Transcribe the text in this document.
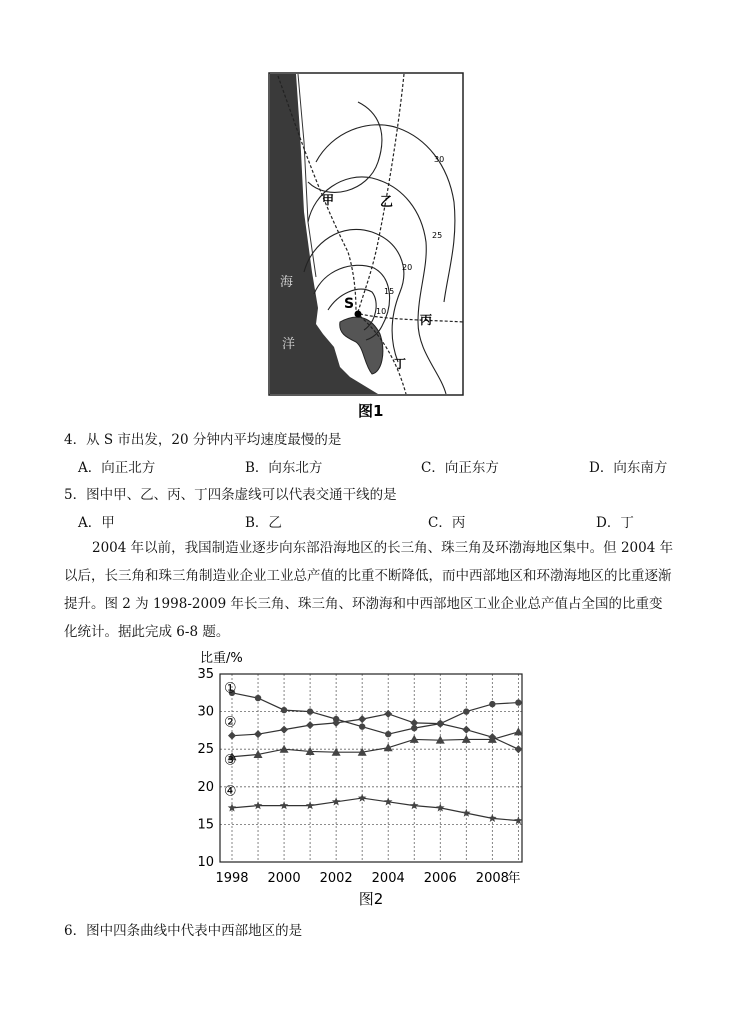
S
甲	乙
丙
丁
海
洋
10
15
20
25
30
图1
4．从 S 市出发，20 分钟内平均速度最慢的是
A．向正北方	B．向东北方	C．向正东方	D．向东南方
5．图中甲、乙、丙、丁四条虚线可以代表交通干线的是
A．甲	B．乙	C．丙	D．丁

2004 年以前，我国制造业逐步向东部沿海地区的长三角、珠三角及环渤海地区集中。但 2004 年以后，长三角和珠三角制造业企业工业总产值的比重不断降低，而中西部地区和环渤海地区的比重逐渐提升。图 2 为 1998-2009 年长三角、珠三角、环渤海和中西部地区工业企业总产值占全国的比重变化统计。据此完成 6-8 题。

10
15
20
25
30
35
1998 2000 2002 2004 2006 2008
年
比重/%
图2
①
②
③
④
6．图中四条曲线中代表中西部地区的是
